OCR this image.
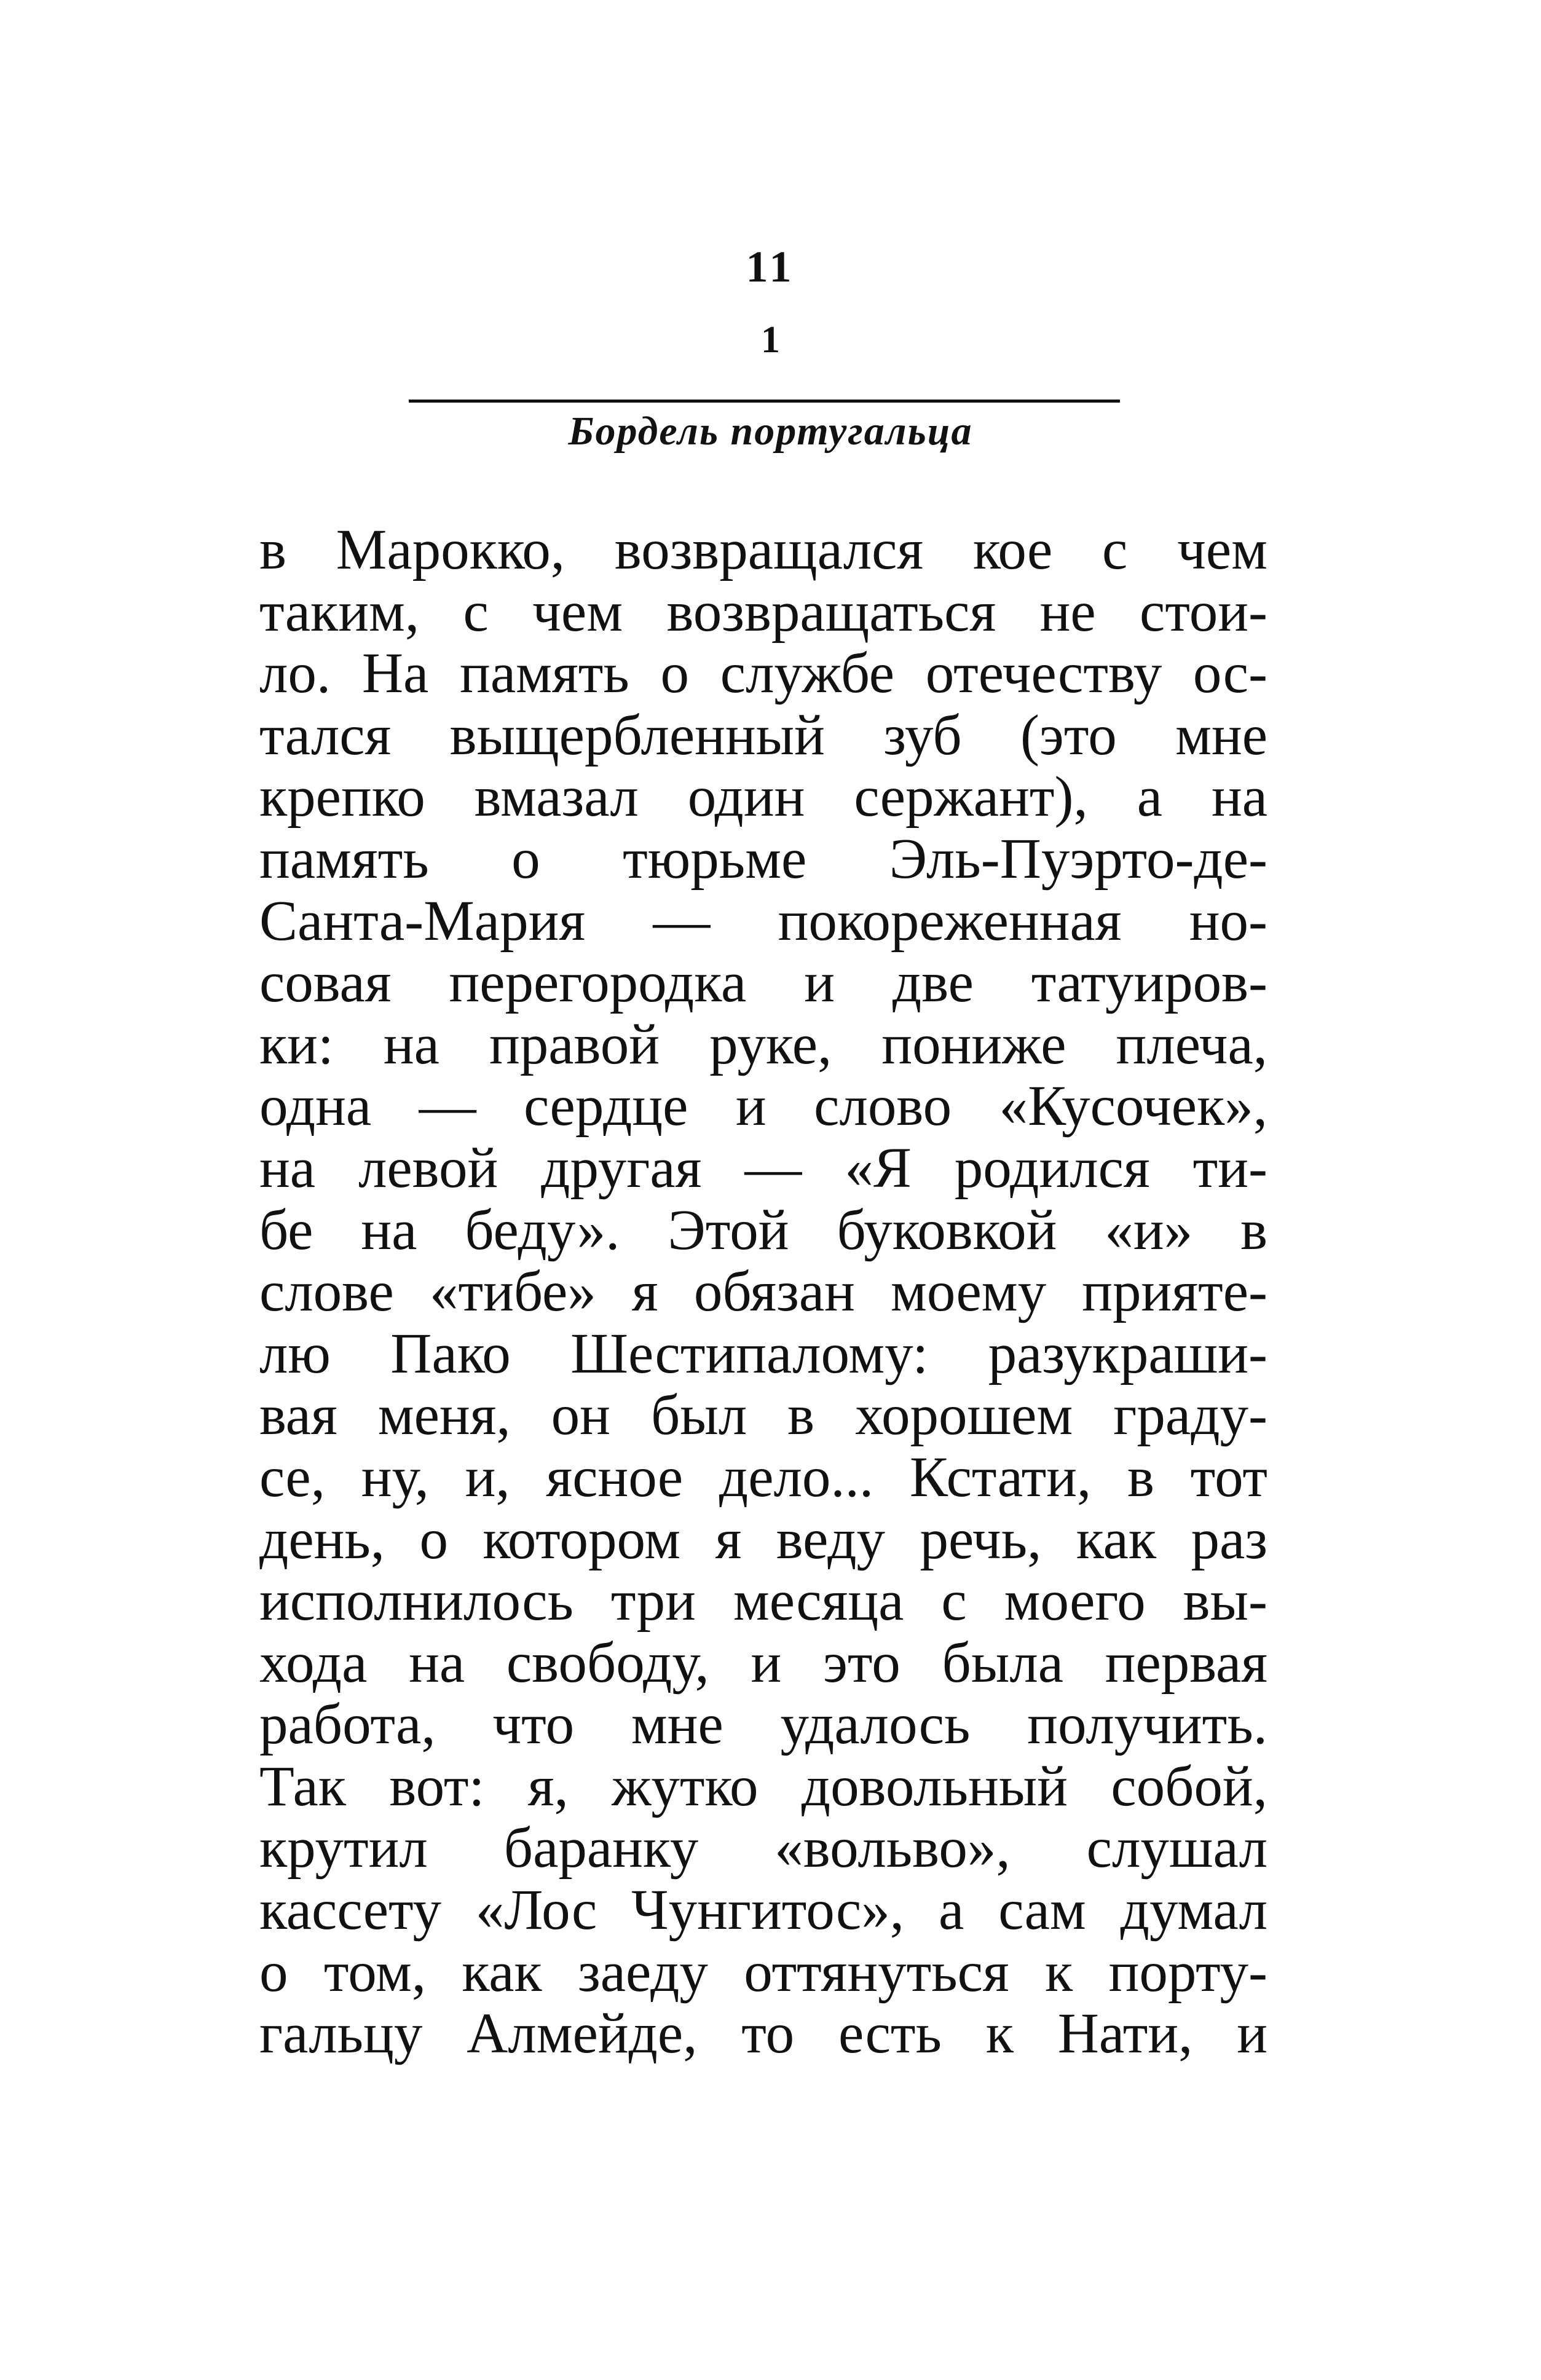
11
1
Бордель португальца
в Марокко, возвращался кое с чем
таким, с чем возвращаться не стои-
ло. На память о службе отечеству ос-
тался выщербленный зуб (это мне
крепко вмазал один сержант), а на
память о тюрьме Эль-Пуэрто-де-
Санта-Мария — покореженная но-
совая перегородка и две татуиров-
ки: на правой руке, пониже плеча,
одна — сердце и слово «Кусочек»,
на левой другая — «Я родился ти-
бе на беду». Этой буковкой «и» в
слове «тибе» я обязан моему прияте-
лю Пако Шестипалому: разукраши-
вая меня, он был в хорошем граду-
се, ну, и, ясное дело... Кстати, в тот
день, о котором я веду речь, как раз
исполнилось три месяца с моего вы-
хода на свободу, и это была первая
работа, что мне удалось получить.
Так вот: я, жутко довольный собой,
крутил баранку «вольво», слушал
кассету «Лос Чунгитос», а сам думал
о том, как заеду оттянуться к порту-
гальцу Алмейде, то есть к Нати, и
